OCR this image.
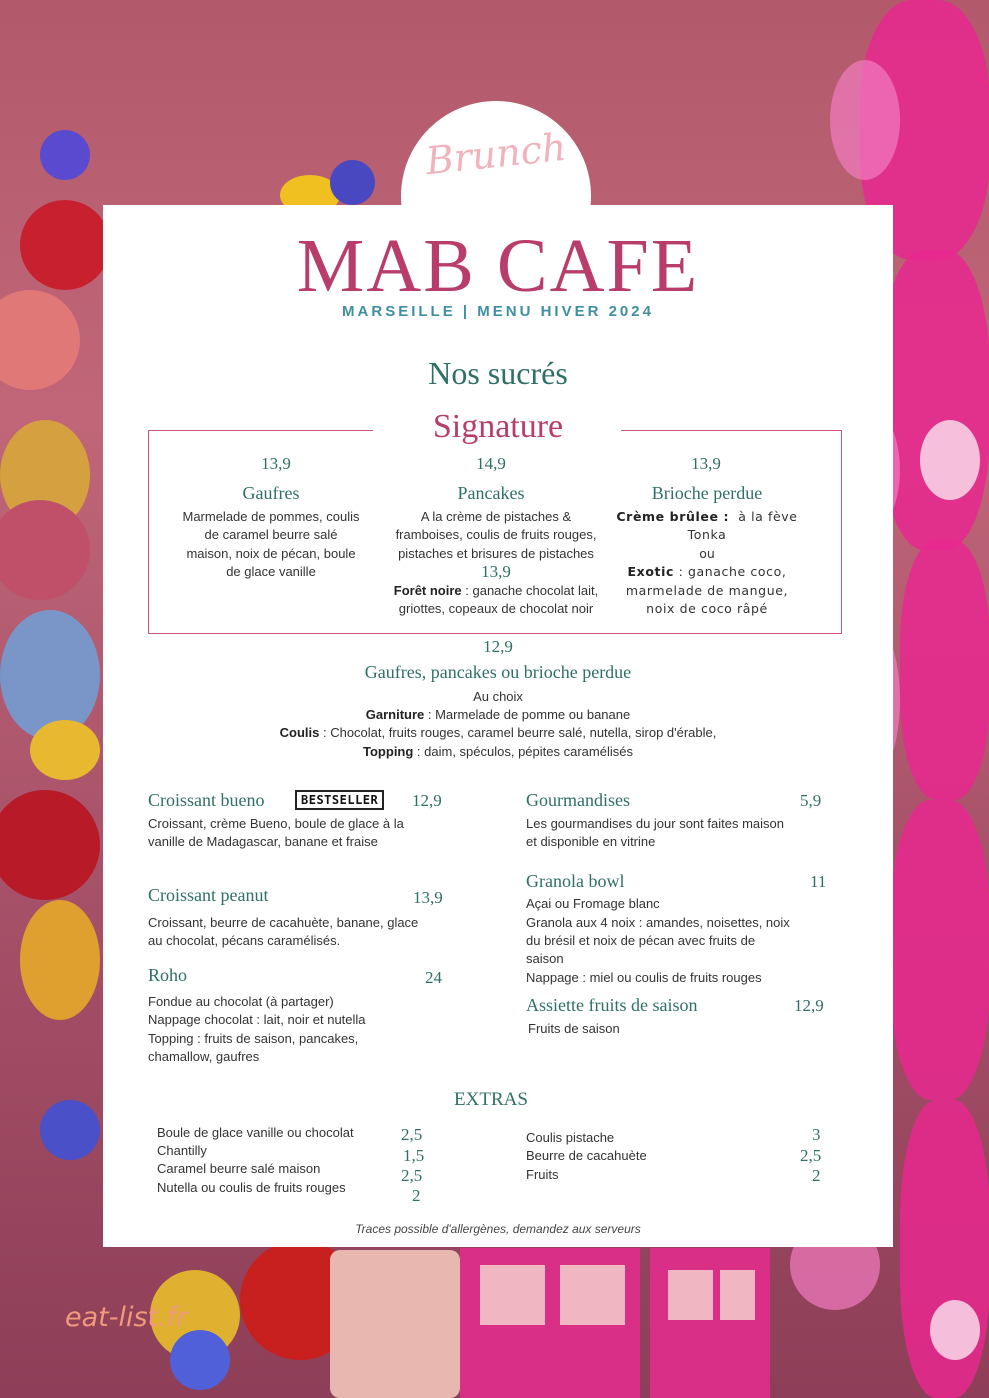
Brunch
MAB CAFE
MARSEILLE | MENU HIVER 2024
Nos sucrés
Signature
13,9
Gaufres
Marmelade de pommes, coulis
de caramel beurre salé
maison, noix de pécan, boule
de glace vanille
14,9
Pancakes
A la crème de pistaches &
framboises, coulis de fruits rouges,
pistaches et brisures de pistaches
13,9
Forêt noire : ganache chocolat lait,
griottes, copeaux de chocolat noir
13,9
Brioche perdue
Crème brûlee : à la fève
Tonka
ou
Exotic : ganache coco,
marmelade de mangue,
noix de coco râpé
12,9
Gaufres, pancakes ou brioche perdue
Au choix
Garniture : Marmelade de pomme ou banane
Coulis : Chocolat, fruits rouges, caramel beurre salé, nutella, sirop d'érable,
Topping : daim, spéculos, pépites caramélisés
Croissant bueno	BESTSELLER	12,9
Croissant, crème Bueno, boule de glace à la
vanille de Madagascar, banane et fraise
Croissant peanut	13,9
Croissant, beurre de cacahuète, banane, glace
au chocolat, pécans caramélisés.
Roho	24
Fondue au chocolat (à partager)
Nappage chocolat : lait, noir et nutella
Topping : fruits de saison, pancakes,
chamallow, gaufres
Gourmandises	5,9
Les gourmandises du jour sont faites maison
et disponible en vitrine
Granola bowl	11
Açai ou Fromage blanc
Granola aux 4 noix : amandes, noisettes, noix
du brésil et noix de pécan avec fruits de
saison
Nappage : miel ou coulis de fruits rouges
Assiette fruits de saison	12,9
Fruits de saison
EXTRAS
Boule de glace vanille ou chocolat	2,5
Chantilly	1,5
Caramel beurre salé maison	2,5
Nutella ou coulis de fruits rouges	2
Coulis pistache	3
Beurre de cacahuète	2,5
Fruits	2
Traces possible d'allergènes, demandez aux serveurs
eat-list.fr
